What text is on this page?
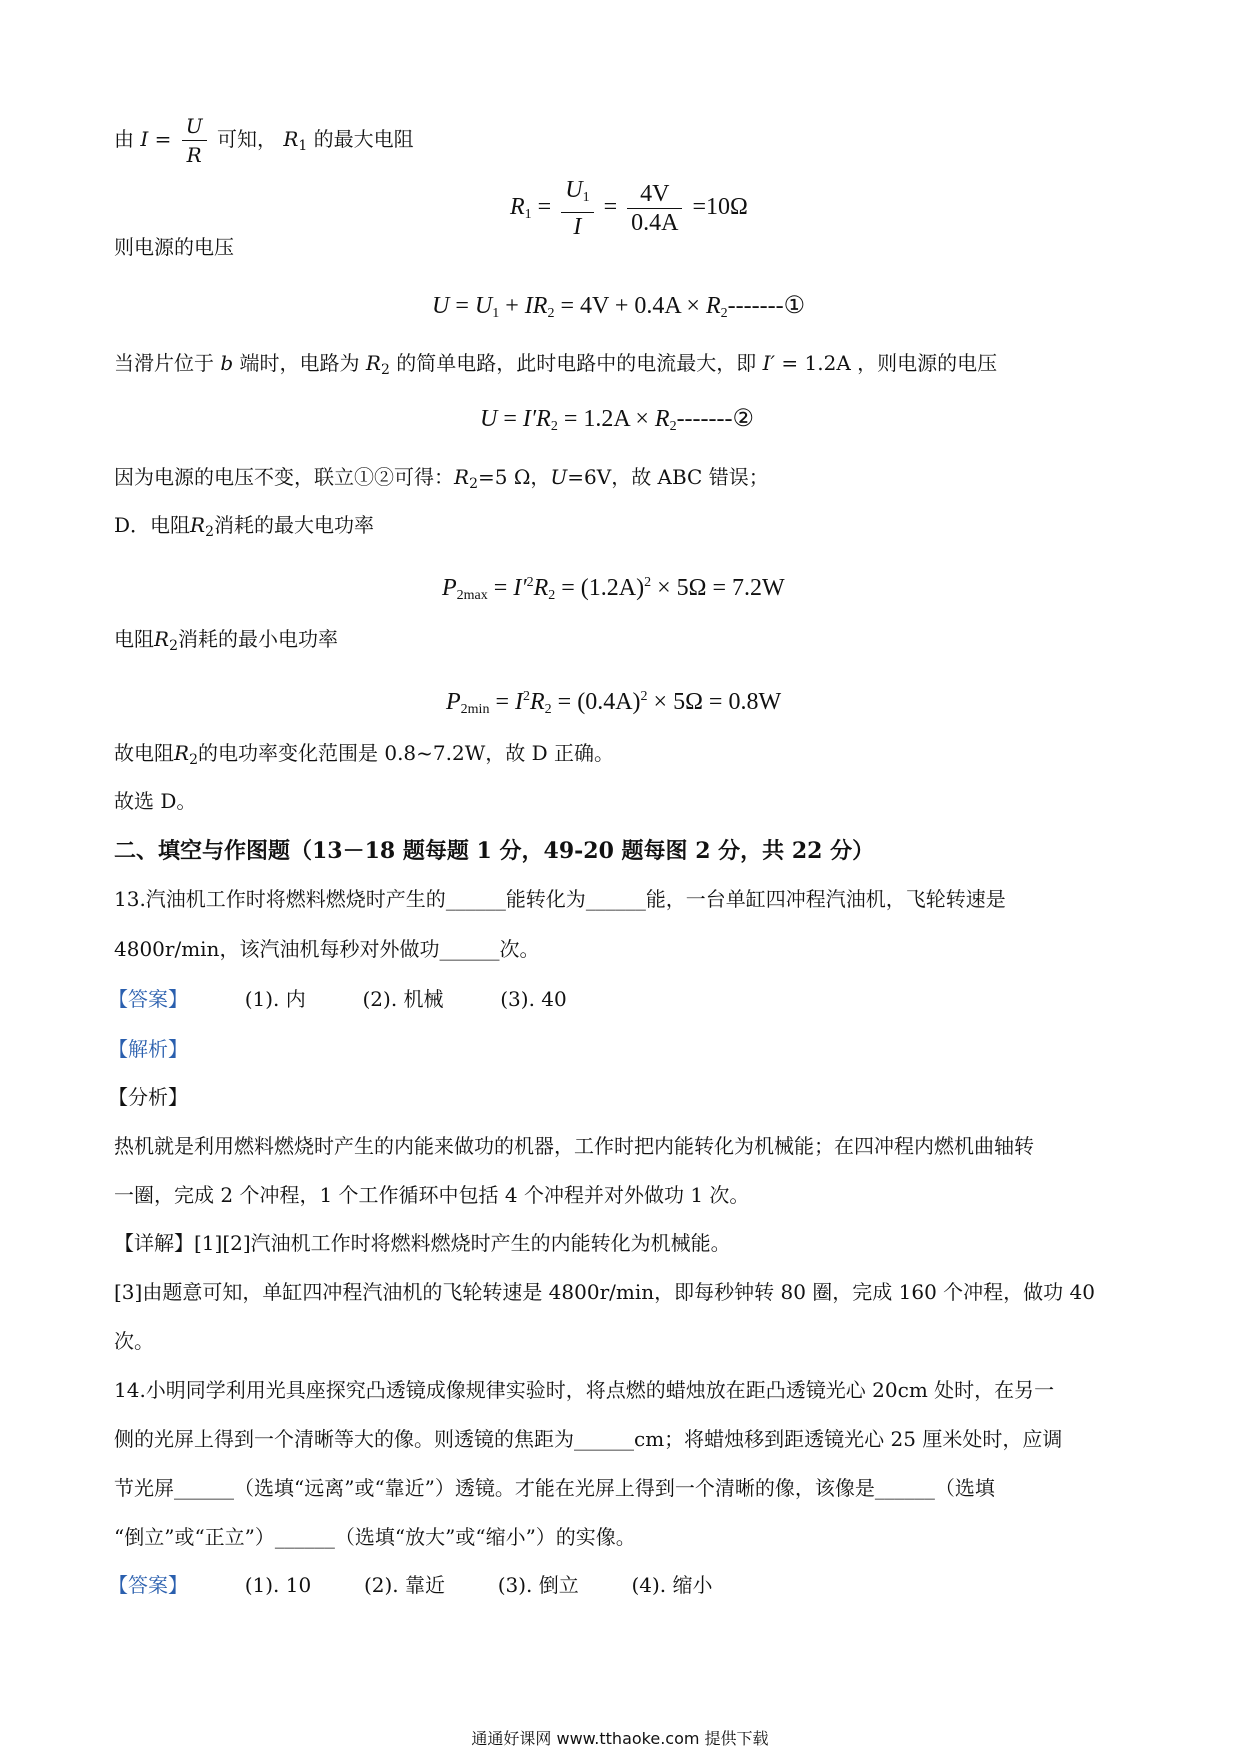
由 $I = \frac{U}{R}$ 可知， $R_1$ 的最大电阻
$R_1 = \frac{U_1}{I} = \frac{4V}{0.4A} =10\Omega$
则电源的电压
$U = U_1 + IR_2 = 4V + 0.4A$ × $R_2-------①$
当滑片位于 b 端时，电路为 $R_2$ 的简单电路，此时电路中的电流最大，即 I′ = 1.2A ，则电源的电压
$U = I'R_2 = 1.2A$ × $R_2-------②$
因为电源的电压不变，联立①②可得：$R_2=5$ Ω，U=6V，故 ABC 错误；
D．电阻$R_2$消耗的最大电功率
$P_{2max} = I'^2R_2 = (1.2A)^2 \times 5\Omega = 7.2W$
电阻$R_2$消耗的最小电功率
$P_{2min} = I^2R_2 = (0.4A)^2 \times 5\Omega = 0.8W$
故电阻$R_2$的电功率变化范围是 0.8~7.2W，故 D 正确。
故选 D。
二、填空与作图题（13－18 题每题 1 分，49-20 题每图 2 分，共 22 分）
13.汽油机工作时将燃料燃烧时产生的______能转化为______能，一台单缸四冲程汽油机，飞轮转速是
4800r/min，该汽油机每秒对外做功______次。
【答案】	(1). 内	(2). 机械	(3). 40
【解析】
【分析】
热机就是利用燃料燃烧时产生的内能来做功的机器，工作时把内能转化为机械能；在四冲程内燃机曲轴转
一圈，完成 2 个冲程，1 个工作循环中包括 4 个冲程并对外做功 1 次。
【详解】[1][2]汽油机工作时将燃料燃烧时产生的内能转化为机械能。
[3]由题意可知，单缸四冲程汽油机的飞轮转速是 4800r/min，即每秒钟转 80 圈，完成 160 个冲程，做功 40
次。
14.小明同学利用光具座探究凸透镜成像规律实验时，将点燃的蜡烛放在距凸透镜光心 20cm 处时，在另一
侧的光屏上得到一个清晰等大的像。则透镜的焦距为______cm；将蜡烛移到距透镜光心 25 厘米处时，应调
节光屏______（选填“远离”或“靠近”）透镜。才能在光屏上得到一个清晰的像，该像是______（选填
“倒立”或“正立”）______（选填“放大”或“缩小”）的实像。
【答案】	(1). 10	(2). 靠近	(3). 倒立	(4). 缩小
通通好课网 www.tthaoke.com 提供下载
